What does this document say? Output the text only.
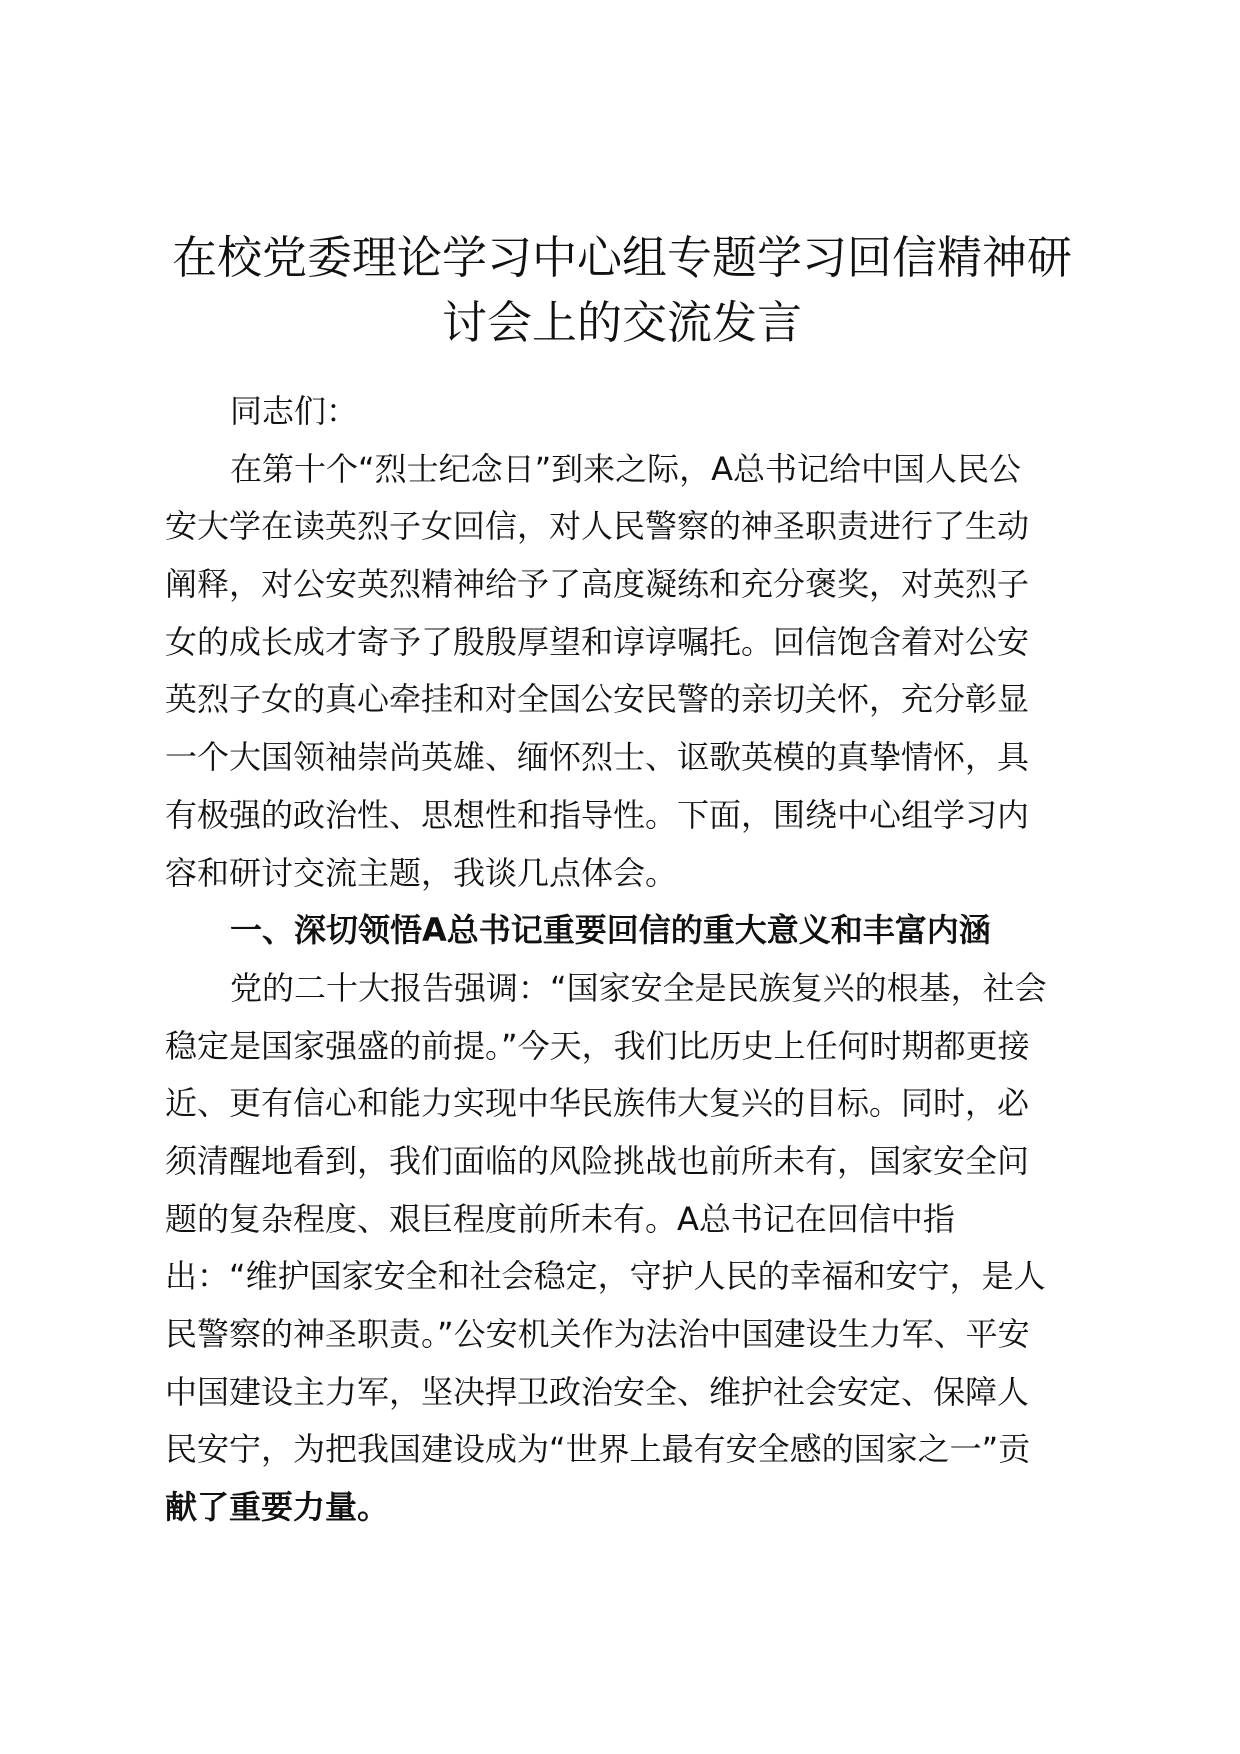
在校党委理论学习中心组专题学习回信精神研
讨会上的交流发言
同志们：
在第十个“烈士纪念日”到来之际，A总书记给中国人民公
安大学在读英烈子女回信，对人民警察的神圣职责进行了生动
阐释，对公安英烈精神给予了高度凝练和充分褒奖，对英烈子
女的成长成才寄予了殷殷厚望和谆谆嘱托。回信饱含着对公安
英烈子女的真心牵挂和对全国公安民警的亲切关怀，充分彰显
一个大国领袖崇尚英雄、缅怀烈士、讴歌英模的真挚情怀，具
有极强的政治性、思想性和指导性。下面，围绕中心组学习内
容和研讨交流主题，我谈几点体会。
一、深切领悟A总书记重要回信的重大意义和丰富内涵
党的二十大报告强调：“国家安全是民族复兴的根基，社会
稳定是国家强盛的前提。”今天，我们比历史上任何时期都更接
近、更有信心和能力实现中华民族伟大复兴的目标。同时，必
须清醒地看到，我们面临的风险挑战也前所未有，国家安全问
题的复杂程度、艰巨程度前所未有。A总书记在回信中指
出：“维护国家安全和社会稳定，守护人民的幸福和安宁，是人
民警察的神圣职责。”公安机关作为法治中国建设生力军、平安
中国建设主力军，坚决捍卫政治安全、维护社会安定、保障人
民安宁，为把我国建设成为“世界上最有安全感的国家之一”贡
献了重要力量。
